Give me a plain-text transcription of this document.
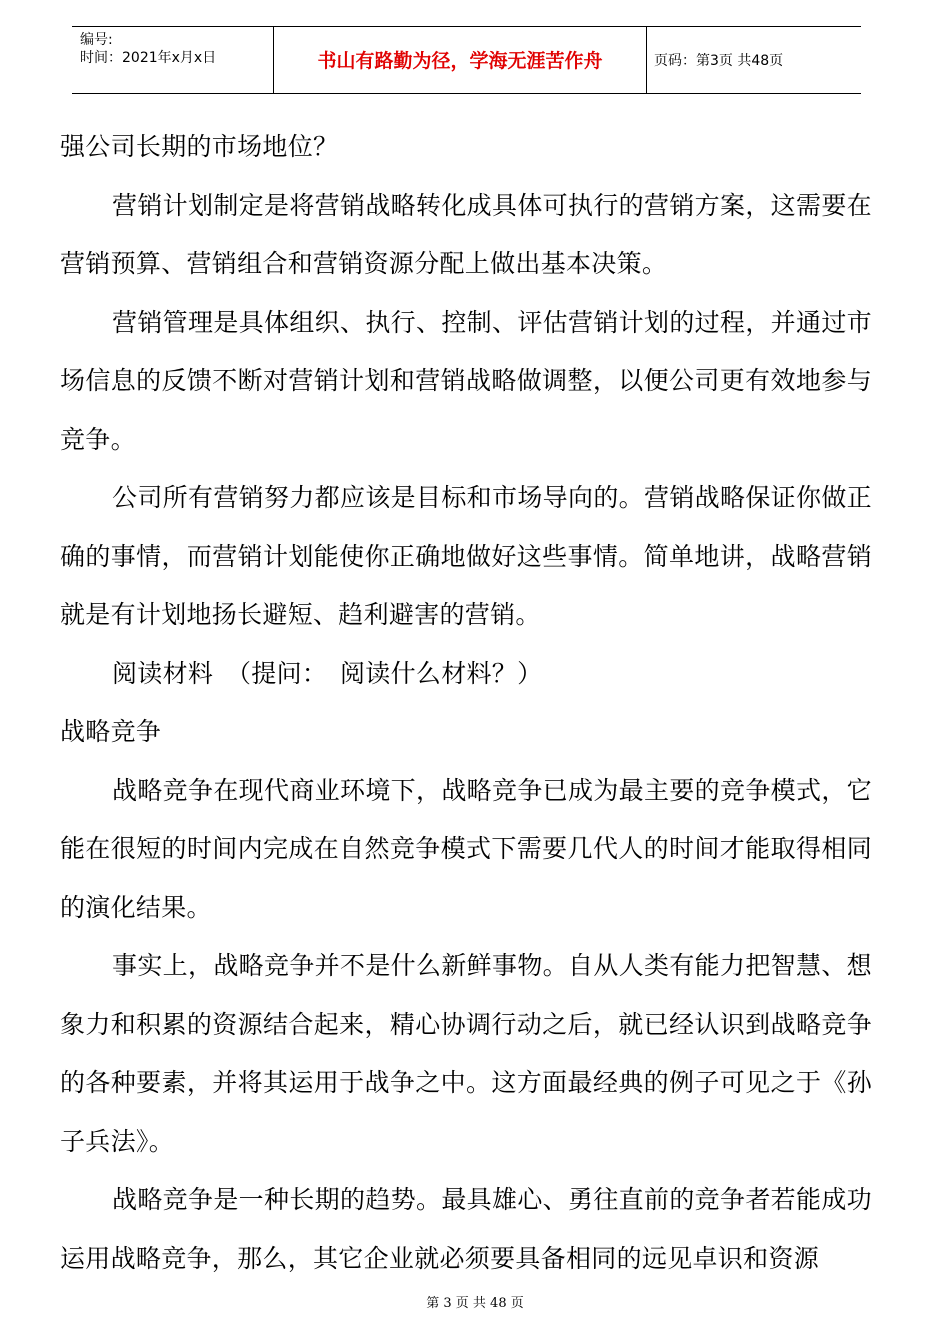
编号:
时间：2021年x月x日	书山有路勤为径，学海无涯苦作舟	页码：第3页 共48页

强公司长期的市场地位？

营销计划制定是将营销战略转化成具体可执行的营销方案，这需要在营销预算、营销组合和营销资源分配上做出基本决策。

营销管理是具体组织、执行、控制、评估营销计划的过程，并通过市场信息的反馈不断对营销计划和营销战略做调整，以便公司更有效地参与竞争。

公司所有营销努力都应该是目标和市场导向的。营销战略保证你做正确的事情，而营销计划能使你正确地做好这些事情。简单地讲，战略营销就是有计划地扬长避短、趋利避害的营销。

阅读材料　（提问：　阅读什么材料？）

战略竞争

战略竞争在现代商业环境下，战略竞争已成为最主要的竞争模式，它能在很短的时间内完成在自然竞争模式下需要几代人的时间才能取得相同的演化结果。

事实上，战略竞争并不是什么新鲜事物。自从人类有能力把智慧、想象力和积累的资源结合起来，精心协调行动之后，就已经认识到战略竞争的各种要素，并将其运用于战争之中。这方面最经典的例子可见之于《孙子兵法》。

战略竞争是一种长期的趋势。最具雄心、勇往直前的竞争者若能成功运用战略竞争，那么，其它企业就必须要具备相同的远见卓识和资源

第 3 页 共 48 页
